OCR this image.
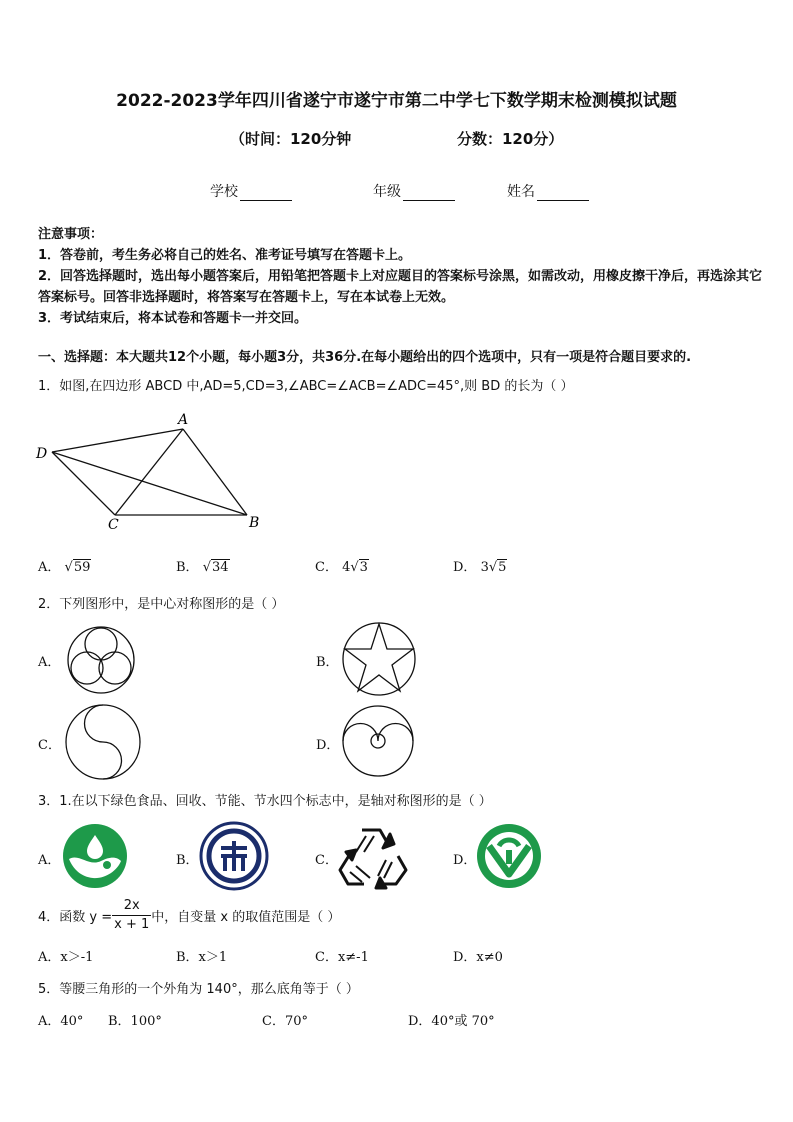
2022-2023学年四川省遂宁市遂宁市第二中学七下数学期末检测模拟试题
（时间：120分钟	分数：120分）
学校	年级	姓名
注意事项：
1．答卷前，考生务必将自己的姓名、准考证号填写在答题卡上。
2．回答选择题时，选出每小题答案后，用铅笔把答题卡上对应题目的答案标号涂黑，如需改动，用橡皮擦干净后，再选涂其它答案标号。回答非选择题时，将答案写在答题卡上，写在本试卷上无效。
3．考试结束后，将本试卷和答题卡一并交回。
一、选择题：本大题共12个小题，每小题3分，共36分.在每小题给出的四个选项中，只有一项是符合题目要求的.
1．如图,在四边形 ABCD 中,AD=5,CD=3,∠ABC=∠ACB=∠ADC=45°,则 BD 的长为（ ）
A
B
C
D
A． √59	B． √34	C． 4√3	D． 3√5
2．下列图形中，是中心对称图形的是（ ）
A．	B．
C．	D．
3．1.在以下绿色食品、回收、节能、节水四个标志中，是轴对称图形的是（ ）
A．	B．	C．	D．
4．函数 $y = \frac{2x}{x + 1}$ 中，自变量 x 的取值范围是（ ）
A．x＞-1	B．x＞1	C．x≠-1	D．x≠0
5．等腰三角形的一个外角为 140°，那么底角等于（ ）
A．40° B．100°	C．70°	D．40°或 70°
